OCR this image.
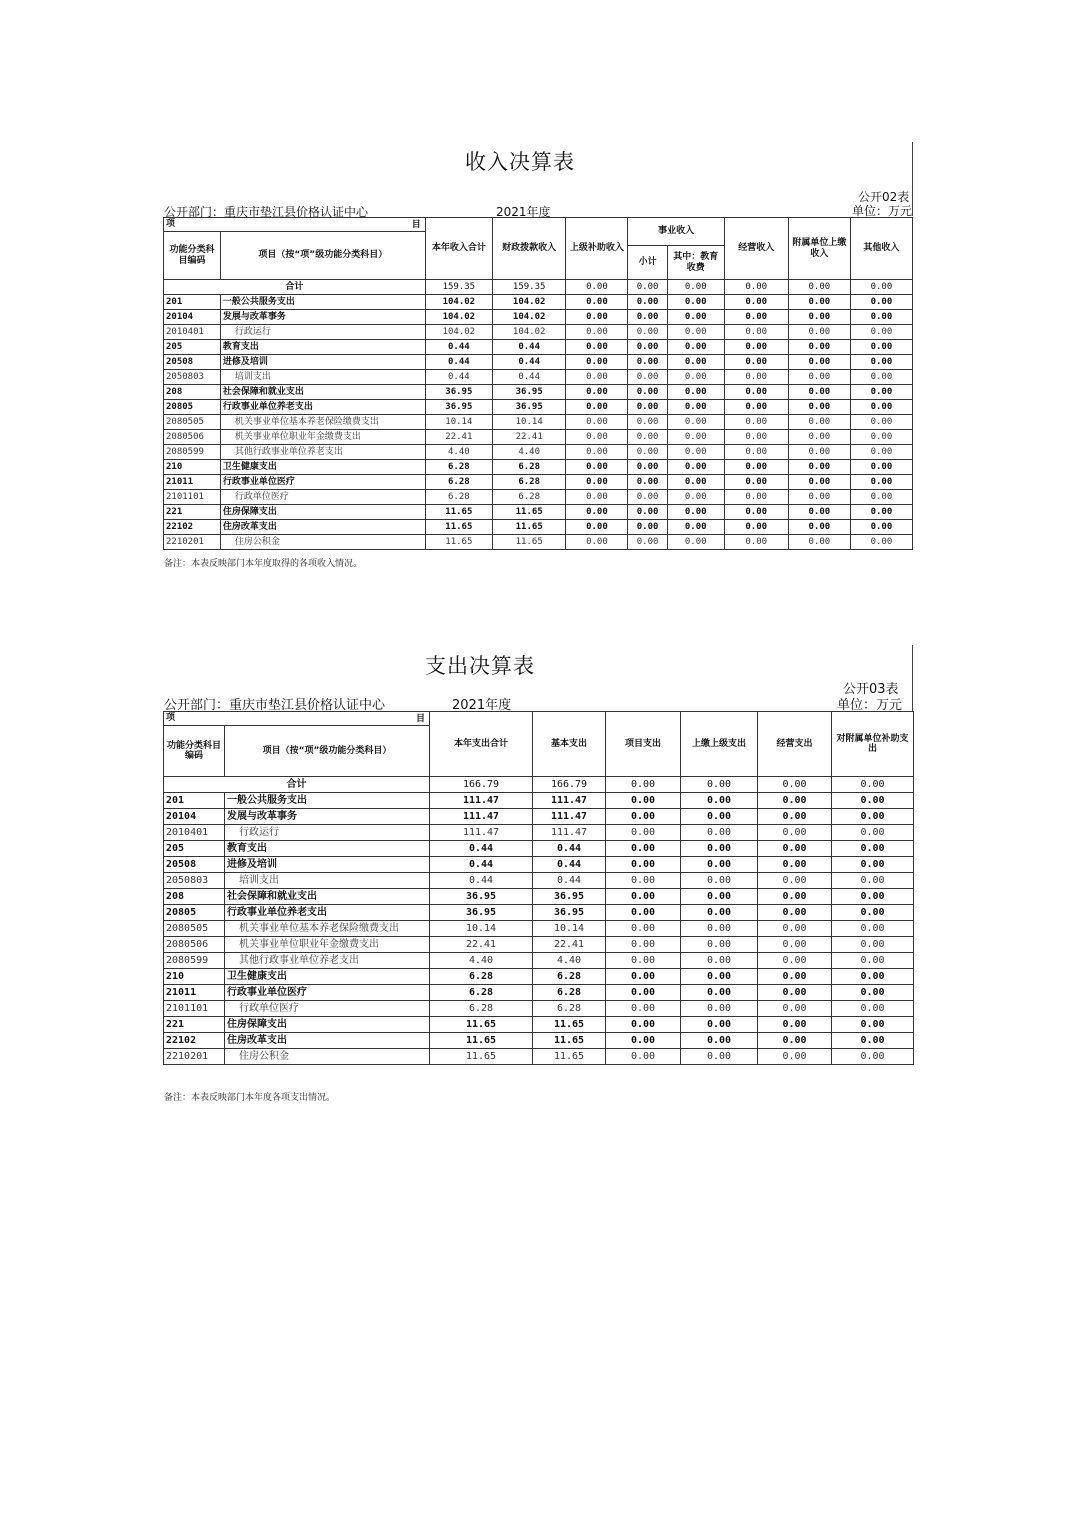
收入决算表
公开02表
单位：万元
公开部门：重庆市垫江县价格认证中心	2021年度
项 目		本年收入合计	财政拨款收入	上级补助收入	事业收入		经营收入	附属单位上缴收入	其他收入
功能分类科目编码	项目（按“项”级功能分类科目）								
					小计	其中：教育收费			
合计		159.35	159.35	0.00	0.00	0.00	0.00	0.00	0.00
201	一般公共服务支出	104.02	104.02	0.00	0.00	0.00	0.00	0.00	0.00
20104	发展与改革事务	104.02	104.02	0.00	0.00	0.00	0.00	0.00	0.00
2010401	行政运行	104.02	104.02	0.00	0.00	0.00	0.00	0.00	0.00
205	教育支出	0.44	0.44	0.00	0.00	0.00	0.00	0.00	0.00
20508	进修及培训	0.44	0.44	0.00	0.00	0.00	0.00	0.00	0.00
2050803	培训支出	0.44	0.44	0.00	0.00	0.00	0.00	0.00	0.00
208	社会保障和就业支出	36.95	36.95	0.00	0.00	0.00	0.00	0.00	0.00
20805	行政事业单位养老支出	36.95	36.95	0.00	0.00	0.00	0.00	0.00	0.00
2080505	机关事业单位基本养老保险缴费支出	10.14	10.14	0.00	0.00	0.00	0.00	0.00	0.00
2080506	机关事业单位职业年金缴费支出	22.41	22.41	0.00	0.00	0.00	0.00	0.00	0.00
2080599	其他行政事业单位养老支出	4.40	4.40	0.00	0.00	0.00	0.00	0.00	0.00
210	卫生健康支出	6.28	6.28	0.00	0.00	0.00	0.00	0.00	0.00
21011	行政事业单位医疗	6.28	6.28	0.00	0.00	0.00	0.00	0.00	0.00
2101101	行政单位医疗	6.28	6.28	0.00	0.00	0.00	0.00	0.00	0.00
221	住房保障支出	11.65	11.65	0.00	0.00	0.00	0.00	0.00	0.00
22102	住房改革支出	11.65	11.65	0.00	0.00	0.00	0.00	0.00	0.00
2210201	住房公积金	11.65	11.65	0.00	0.00	0.00	0.00	0.00	0.00
备注：本表反映部门本年度取得的各项收入情况。
支出决算表
公开03表
单位：万元
公开部门：重庆市垫江县价格认证中心	2021年度
项 目		本年支出合计	基本支出	项目支出	上缴上级支出	经营支出	对附属单位补助支出
功能分类科目编码	项目（按“项”级功能分类科目）						
合计		166.79	166.79	0.00	0.00	0.00	0.00
201	一般公共服务支出	111.47	111.47	0.00	0.00	0.00	0.00
20104	发展与改革事务	111.47	111.47	0.00	0.00	0.00	0.00
2010401	行政运行	111.47	111.47	0.00	0.00	0.00	0.00
205	教育支出	0.44	0.44	0.00	0.00	0.00	0.00
20508	进修及培训	0.44	0.44	0.00	0.00	0.00	0.00
2050803	培训支出	0.44	0.44	0.00	0.00	0.00	0.00
208	社会保障和就业支出	36.95	36.95	0.00	0.00	0.00	0.00
20805	行政事业单位养老支出	36.95	36.95	0.00	0.00	0.00	0.00
2080505	机关事业单位基本养老保险缴费支出	10.14	10.14	0.00	0.00	0.00	0.00
2080506	机关事业单位职业年金缴费支出	22.41	22.41	0.00	0.00	0.00	0.00
2080599	其他行政事业单位养老支出	4.40	4.40	0.00	0.00	0.00	0.00
210	卫生健康支出	6.28	6.28	0.00	0.00	0.00	0.00
21011	行政事业单位医疗	6.28	6.28	0.00	0.00	0.00	0.00
2101101	行政单位医疗	6.28	6.28	0.00	0.00	0.00	0.00
221	住房保障支出	11.65	11.65	0.00	0.00	0.00	0.00
22102	住房改革支出	11.65	11.65	0.00	0.00	0.00	0.00
2210201	住房公积金	11.65	11.65	0.00	0.00	0.00	0.00
备注：本表反映部门本年度各项支出情况。
